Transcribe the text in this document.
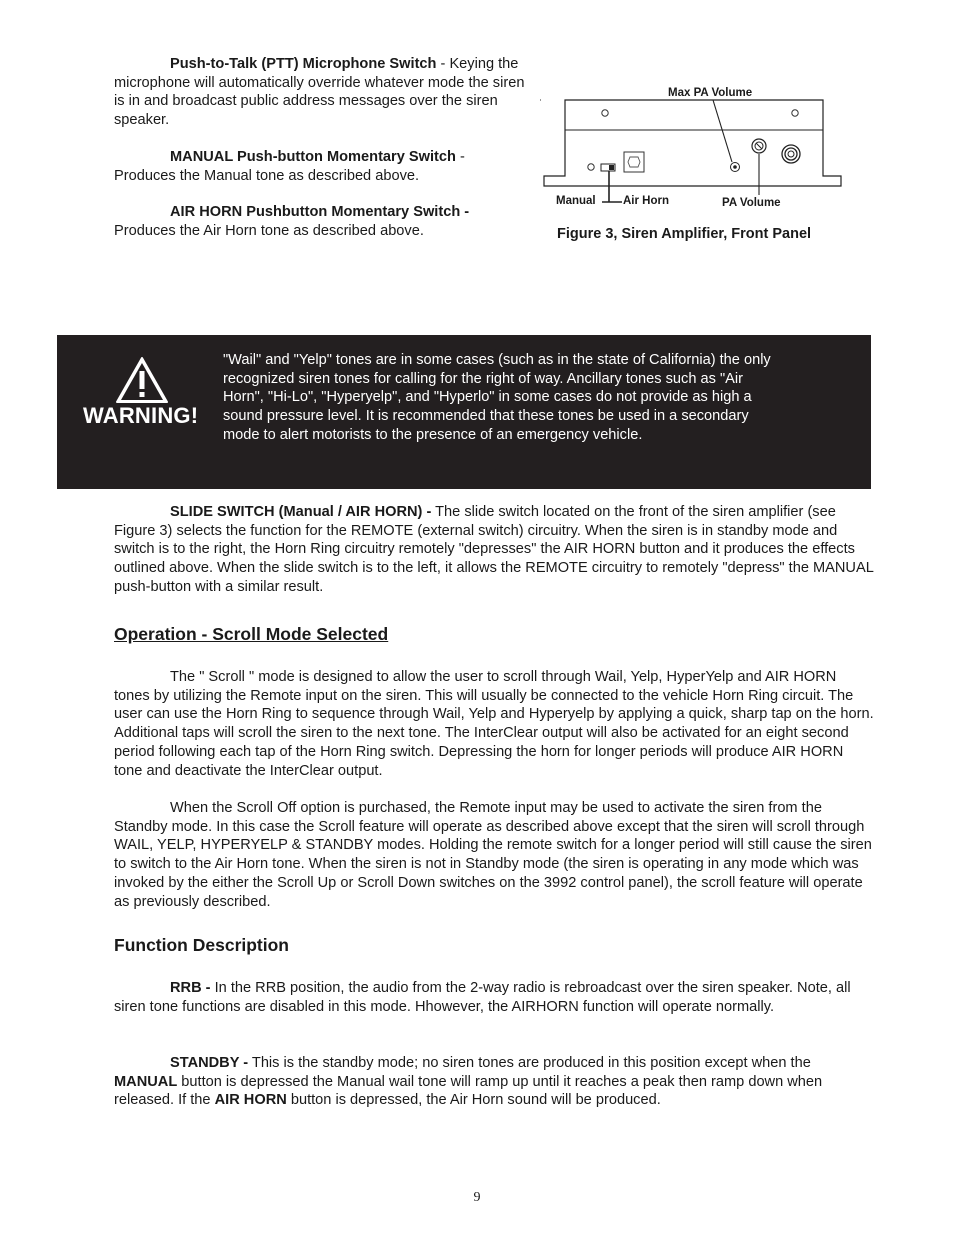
Push-to-Talk (PTT) Microphone Switch - Keying the microphone will automatically override whatever mode the siren is in and broadcast public address messages over the siren speaker.

MANUAL Push-button Momentary Switch - Produces the Manual tone as described above.

AIR HORN Pushbutton Momentary Switch - Produces the Air Horn tone as described above.

Max PA Volume
Manual Air Horn	PA Volume
Figure 3, Siren Amplifier, Front Panel
WARNING!
"Wail" and "Yelp" tones are in some cases (such as in the state of California) the only recognized siren tones for calling for the right of way. Ancillary tones such as "Air Horn", "Hi-Lo", "Hyperyelp", and "Hyperlo" in some cases do not provide as high a sound pressure level. It is recommended that these tones be used in a secondary mode to alert motorists to the presence of an emergency vehicle.

SLIDE SWITCH (Manual / AIR HORN) - The slide switch located on the front of the siren amplifier (see Figure 3) selects the function for the REMOTE (external switch) circuitry. When the siren is in standby mode and switch is to the right, the Horn Ring circuitry remotely "depresses" the AIR HORN button and it produces the effects outlined above. When the slide switch is to the left, it allows the REMOTE circuitry to remotely "depress" the MANUAL push-button with a similar result.

Operation - Scroll Mode Selected

The " Scroll " mode is designed to allow the user to scroll through Wail, Yelp, HyperYelp and AIR HORN tones by utilizing the Remote input on the siren. This will usually be connected to the vehicle Horn Ring circuit. The user can use the Horn Ring to sequence through Wail, Yelp and Hyperyelp by applying a quick, sharp tap on the horn. Additional taps will scroll the siren to the next tone. The InterClear output will also be activated for an eight second period following each tap of the Horn Ring switch. Depressing the horn for longer periods will produce AIR HORN tone and deactivate the InterClear output.

When the Scroll Off option is purchased, the Remote input may be used to activate the siren from the Standby mode. In this case the Scroll feature will operate as described above except that the siren will scroll through WAIL, YELP, HYPERYELP & STANDBY modes. Holding the remote switch for a longer period will still cause the siren to switch to the Air Horn tone. When the siren is not in Standby mode (the siren is operating in any mode which was invoked by the either the Scroll Up or Scroll Down switches on the 3992 control panel), the scroll feature will operate as previously described.

Function Description

RRB - In the RRB position, the audio from the 2-way radio is rebroadcast over the siren speaker. Note, all siren tone functions are disabled in this mode. Hhowever, the AIRHORN function will operate normally.

STANDBY - This is the standby mode; no siren tones are produced in this position except when the MANUAL button is depressed the Manual wail tone will ramp up until it reaches a peak then ramp down when released. If the AIR HORN button is depressed, the Air Horn sound will be produced.

9
